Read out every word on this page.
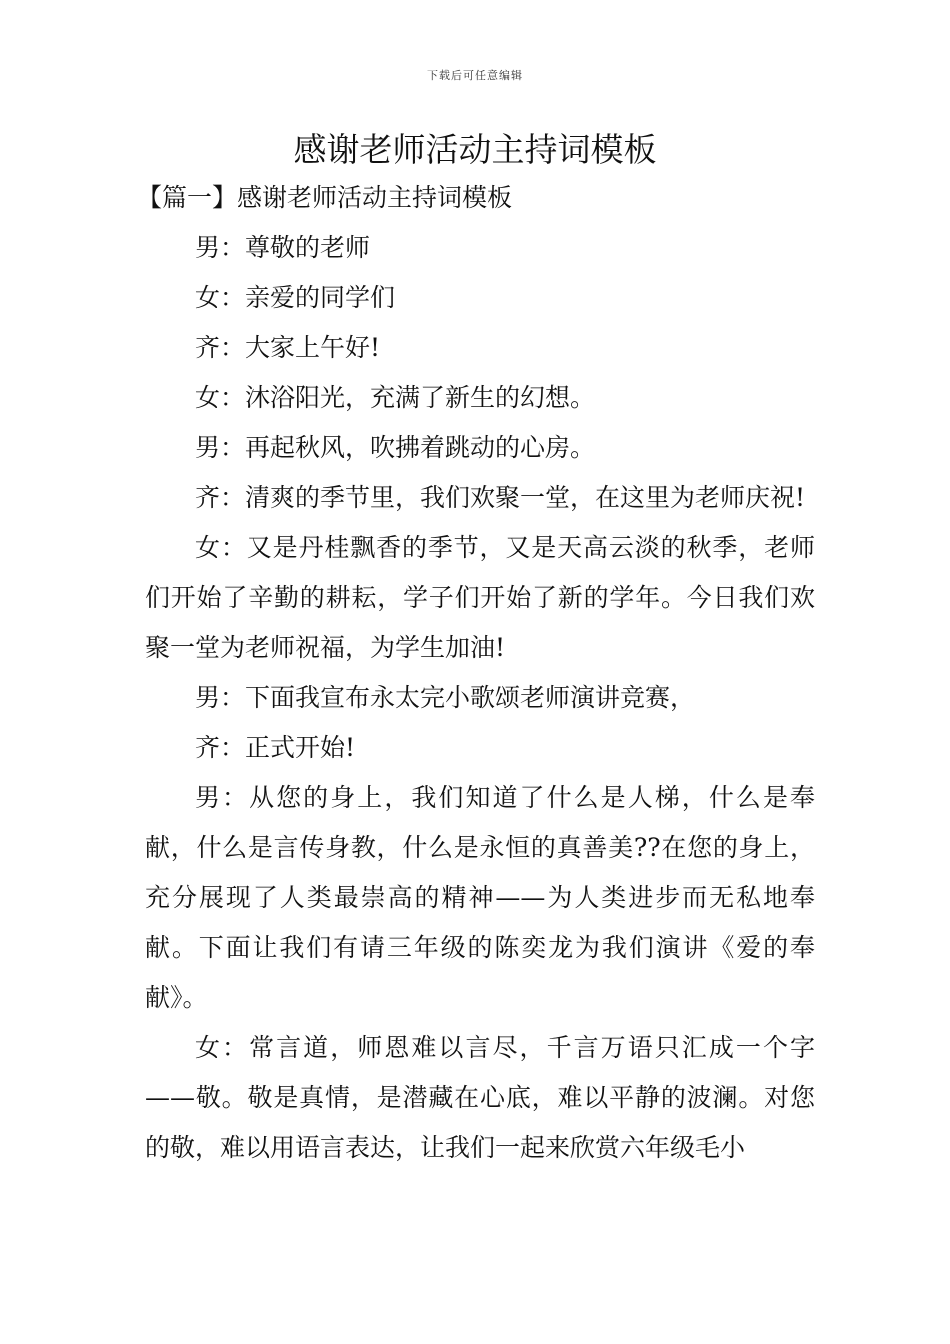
下载后可任意编辑
感谢老师活动主持词模板

【篇一】感谢老师活动主持词模板

男：尊敬的老师

女：亲爱的同学们

齐：大家上午好!

女：沐浴阳光，充满了新生的幻想。

男：再起秋风，吹拂着跳动的心房。

齐：清爽的季节里，我们欢聚一堂，在这里为老师庆祝!

女：又是丹桂飘香的季节，又是天高云淡的秋季，老师们开始了辛勤的耕耘，学子们开始了新的学年。今日我们欢聚一堂为老师祝福，为学生加油!

男：下面我宣布永太完小歌颂老师演讲竞赛，

齐：正式开始!

男：从您的身上，我们知道了什么是人梯，什么是奉献，什么是言传身教，什么是永恒的真善美??在您的身上，充分展现了人类最崇高的精神——为人类进步而无私地奉献。下面让我们有请三年级的陈奕龙为我们演讲《爱的奉献》。

女：常言道，师恩难以言尽，千言万语只汇成一个字——敬。敬是真情，是潜藏在心底，难以平静的波澜。对您的敬，难以用语言表达，让我们一起来欣赏六年级毛小
